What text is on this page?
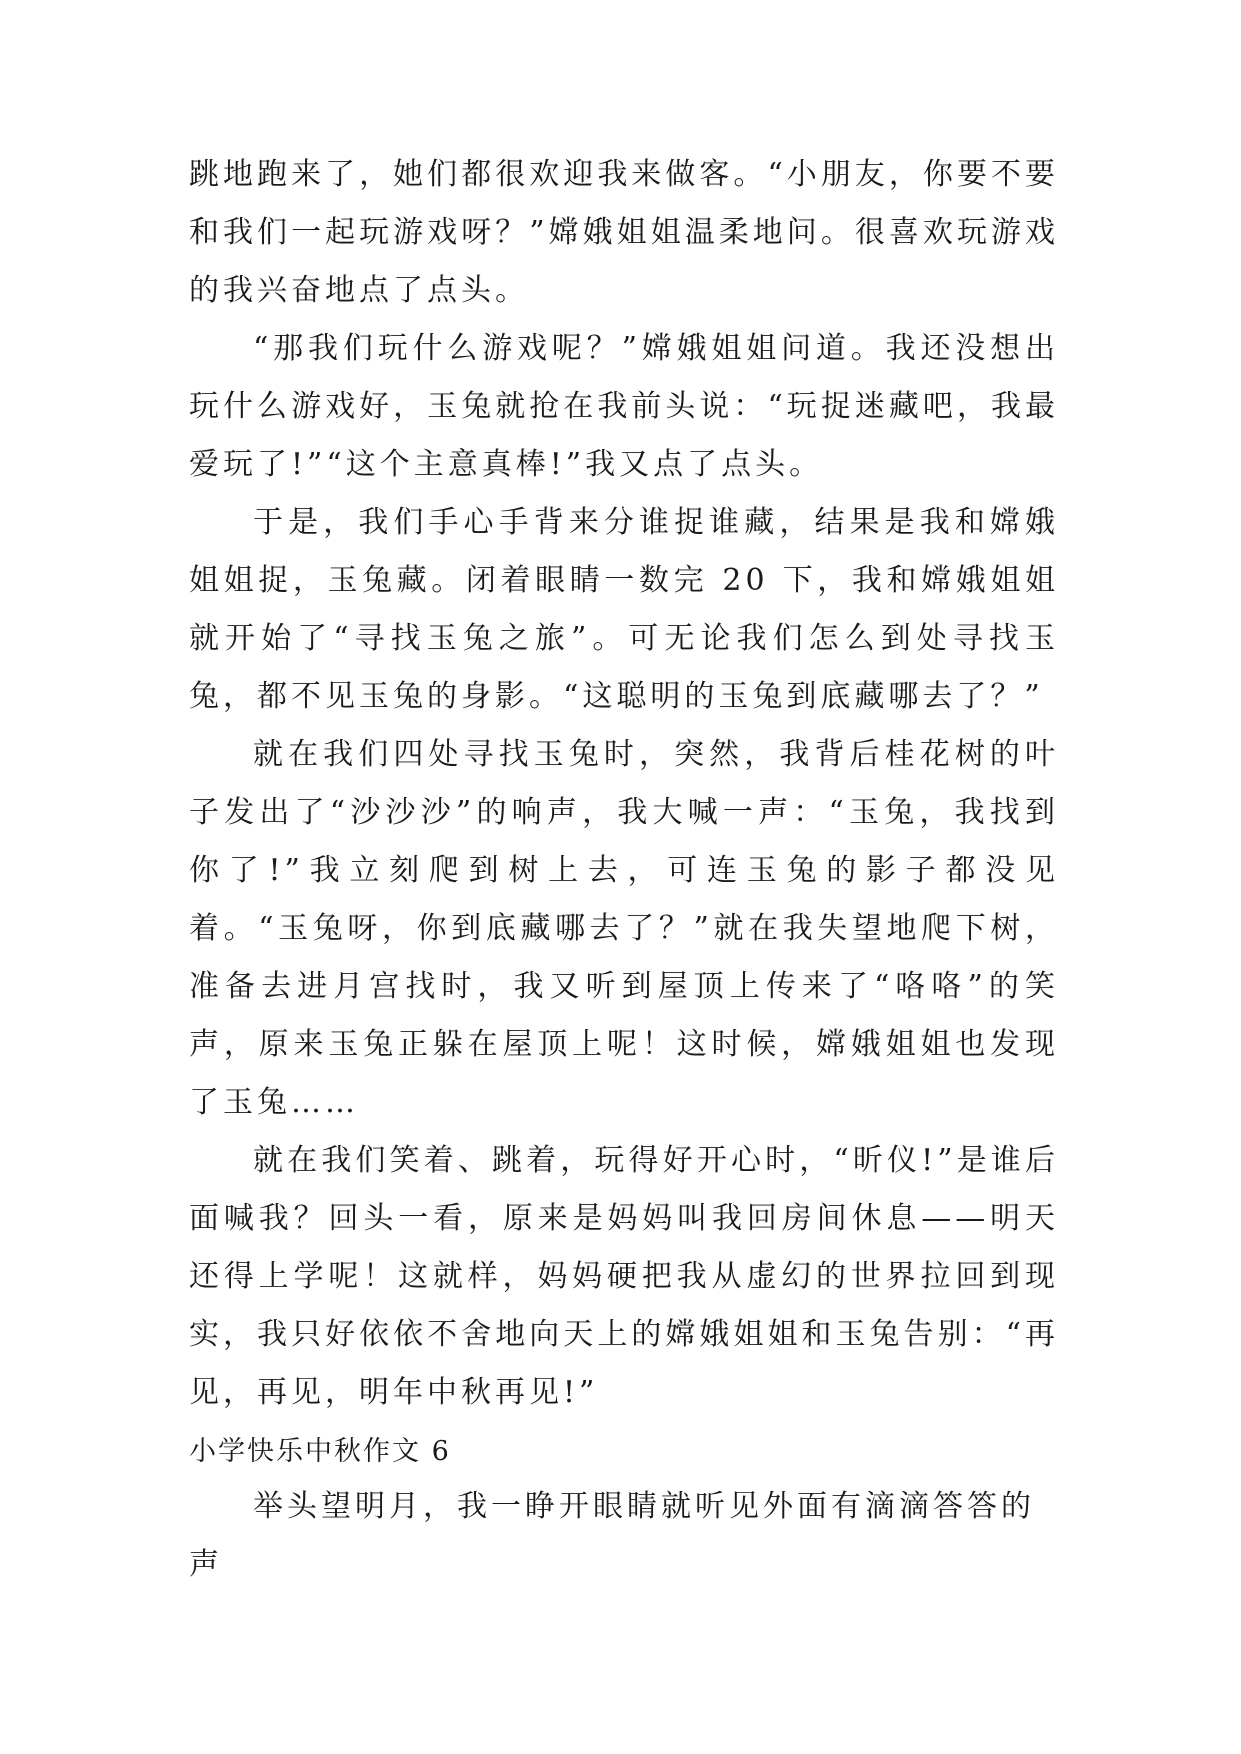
跳地跑来了，她们都很欢迎我来做客。“小朋友，你要不要和我们一起玩游戏呀？”嫦娥姐姐温柔地问。很喜欢玩游戏的我兴奋地点了点头。

“那我们玩什么游戏呢？”嫦娥姐姐问道。我还没想出玩什么游戏好，玉兔就抢在我前头说：“玩捉迷藏吧，我最爱玩了!”“这个主意真棒!”我又点了点头。

于是，我们手心手背来分谁捉谁藏，结果是我和嫦娥姐姐捉，玉兔藏。闭着眼睛一数完 20 下，我和嫦娥姐姐就开始了“寻找玉兔之旅”。可无论我们怎么到处寻找玉兔，都不见玉兔的身影。“这聪明的玉兔到底藏哪去了？”

就在我们四处寻找玉兔时，突然，我背后桂花树的叶子发出了“沙沙沙”的响声，我大喊一声：“玉兔，我找到你了!”我立刻爬到树上去，可连玉兔的影子都没见着。“玉兔呀，你到底藏哪去了？”就在我失望地爬下树，准备去进月宫找时，我又听到屋顶上传来了“咯咯”的笑声，原来玉兔正躲在屋顶上呢！这时候，嫦娥姐姐也发现了玉兔……

就在我们笑着、跳着，玩得好开心时，“昕仪!”是谁后面喊我？回头一看，原来是妈妈叫我回房间休息——明天还得上学呢！这就样，妈妈硬把我从虚幻的世界拉回到现实，我只好依依不舍地向天上的嫦娥姐姐和玉兔告别：“再见，再见，明年中秋再见!”

小学快乐中秋作文 6

举头望明月，我一睁开眼睛就听见外面有滴滴答答的声
